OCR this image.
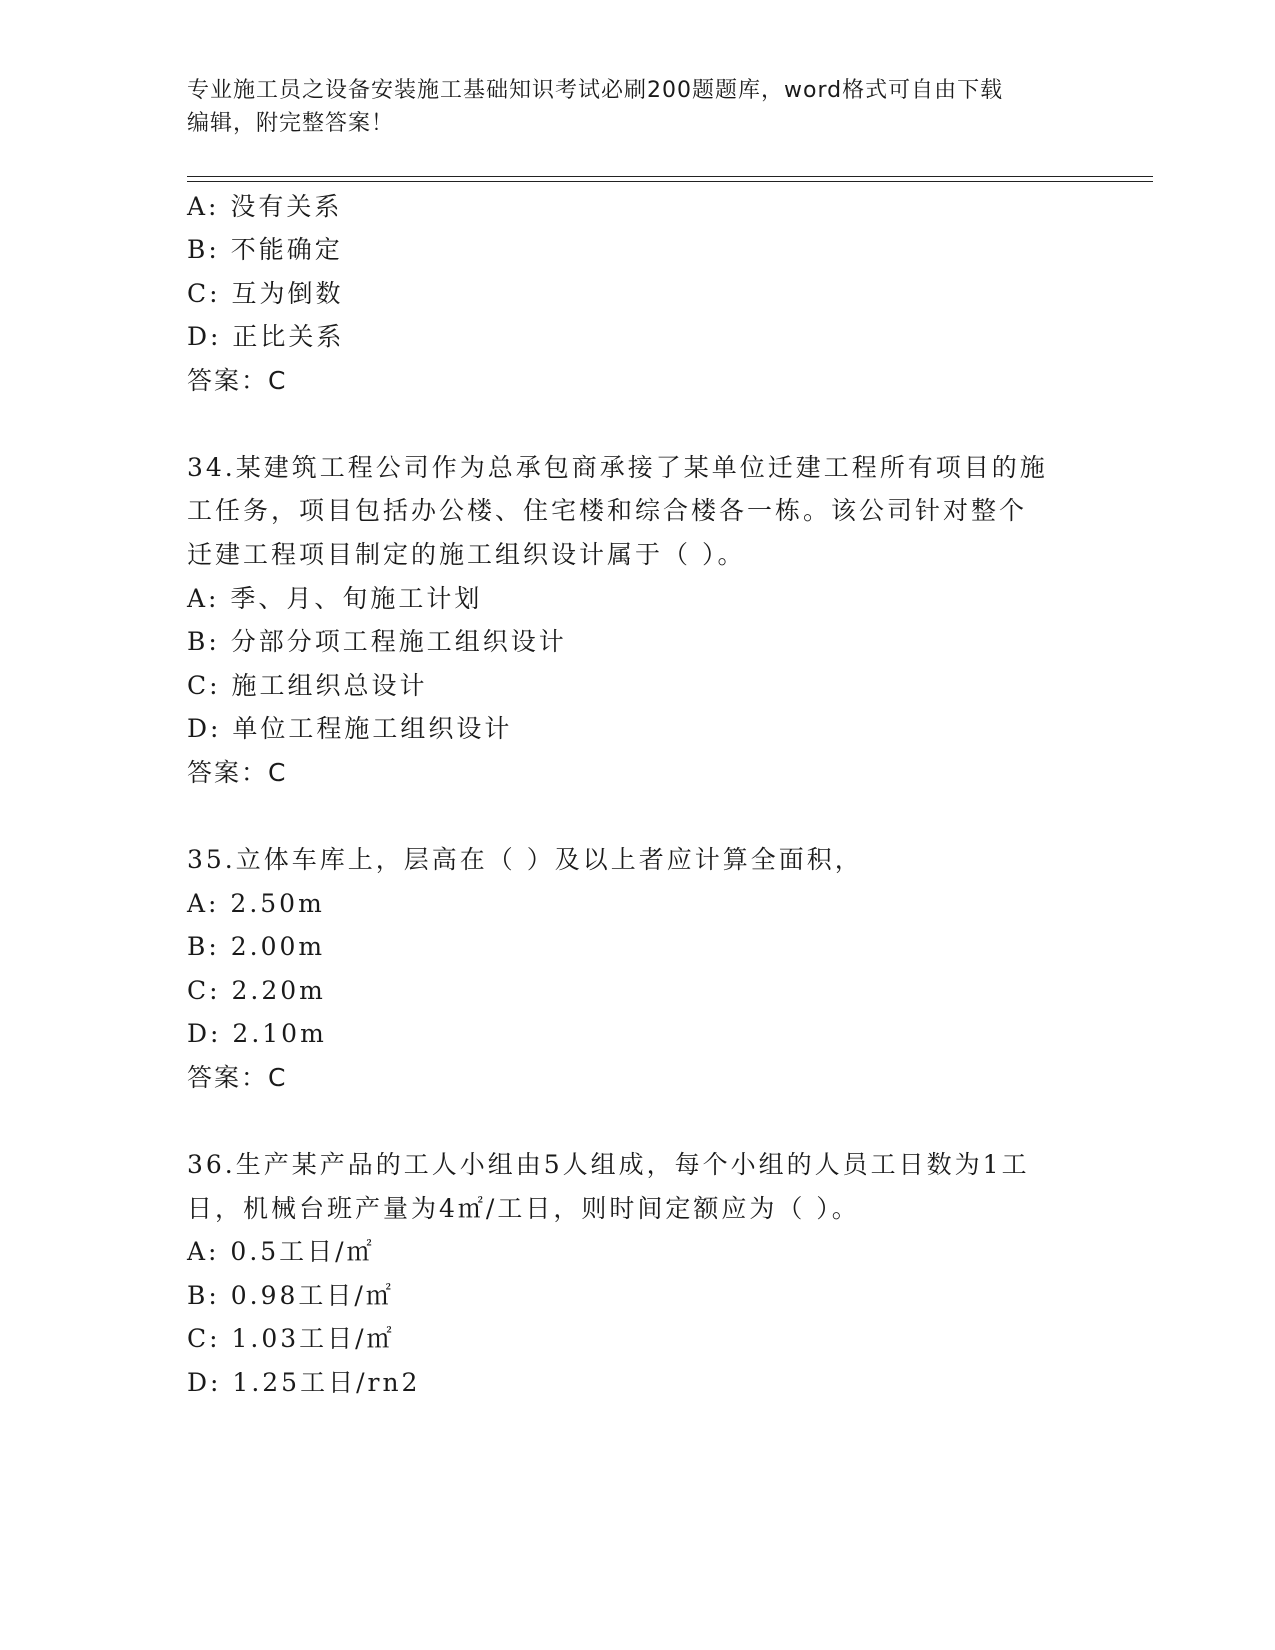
专业施工员之设备安装施工基础知识考试必刷200题题库，word格式可自由下载
编辑，附完整答案！
A: 没有关系
B: 不能确定
C: 互为倒数
D: 正比关系
答案：C
34.某建筑工程公司作为总承包商承接了某单位迁建工程所有项目的施
工任务，项目包括办公楼、住宅楼和综合楼各一栋。该公司针对整个
迁建工程项目制定的施工组织设计属于（ ）。
A: 季、月、旬施工计划
B: 分部分项工程施工组织设计
C: 施工组织总设计
D: 单位工程施工组织设计
答案：C
35.立体车库上，层高在（ ）及以上者应计算全面积，
A: 2.50m
B: 2.00m
C: 2.20m
D: 2.10m
答案：C
36.生产某产品的工人小组由5人组成，每个小组的人员工日数为1工
日，机械台班产量为4㎡/工日，则时间定额应为（ ）。
A: 0.5工日/㎡
B: 0.98工日/㎡
C: 1.03工日/㎡
D: 1.25工日/rn2
